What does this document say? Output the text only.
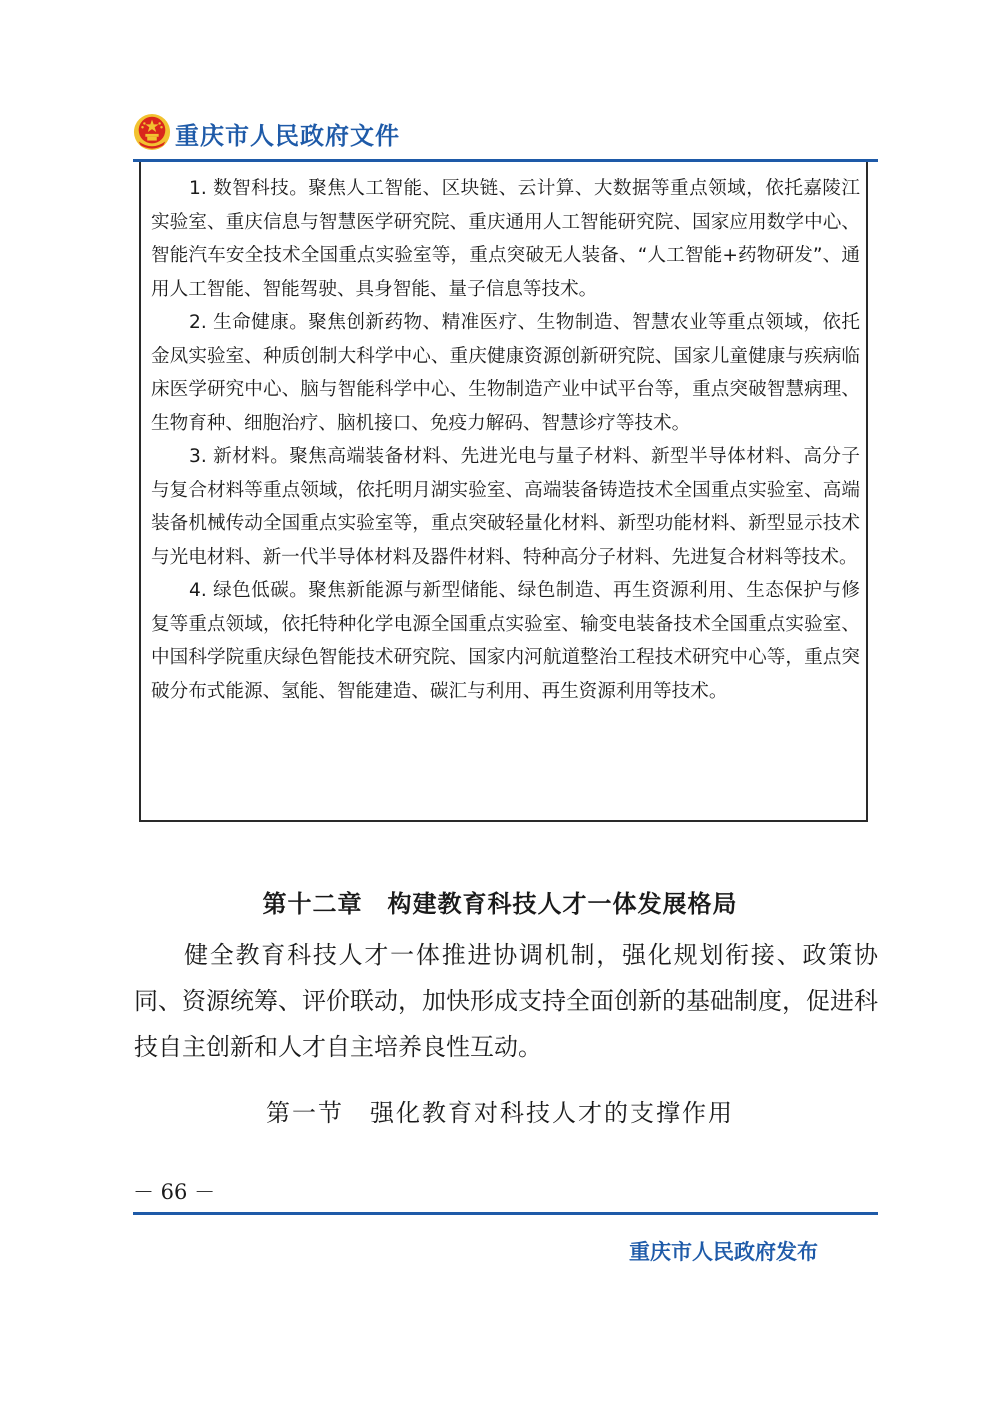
重庆市人民政府文件

1. 数智科技。聚焦人工智能、区块链、云计算、大数据等重点领域，依托嘉陵江实验室、重庆信息与智慧医学研究院、重庆通用人工智能研究院、国家应用数学中心、智能汽车安全技术全国重点实验室等，重点突破无人装备、“人工智能+药物研发”、通用人工智能、智能驾驶、具身智能、量子信息等技术。

2. 生命健康。聚焦创新药物、精准医疗、生物制造、智慧农业等重点领域，依托金凤实验室、种质创制大科学中心、重庆健康资源创新研究院、国家儿童健康与疾病临床医学研究中心、脑与智能科学中心、生物制造产业中试平台等，重点突破智慧病理、生物育种、细胞治疗、脑机接口、免疫力解码、智慧诊疗等技术。

3. 新材料。聚焦高端装备材料、先进光电与量子材料、新型半导体材料、高分子与复合材料等重点领域，依托明月湖实验室、高端装备铸造技术全国重点实验室、高端装备机械传动全国重点实验室等，重点突破轻量化材料、新型功能材料、新型显示技术与光电材料、新一代半导体材料及器件材料、特种高分子材料、先进复合材料等技术。

4. 绿色低碳。聚焦新能源与新型储能、绿色制造、再生资源利用、生态保护与修复等重点领域，依托特种化学电源全国重点实验室、输变电装备技术全国重点实验室、中国科学院重庆绿色智能技术研究院、国家内河航道整治工程技术研究中心等，重点突破分布式能源、氢能、智能建造、碳汇与利用、再生资源利用等技术。

第十二章　构建教育科技人才一体发展格局

健全教育科技人才一体推进协调机制，强化规划衔接、政策协同、资源统筹、评价联动，加快形成支持全面创新的基础制度，促进科技自主创新和人才自主培养良性互动。

第一节　强化教育对科技人才的支撑作用
－ 66 －
重庆市人民政府发布
